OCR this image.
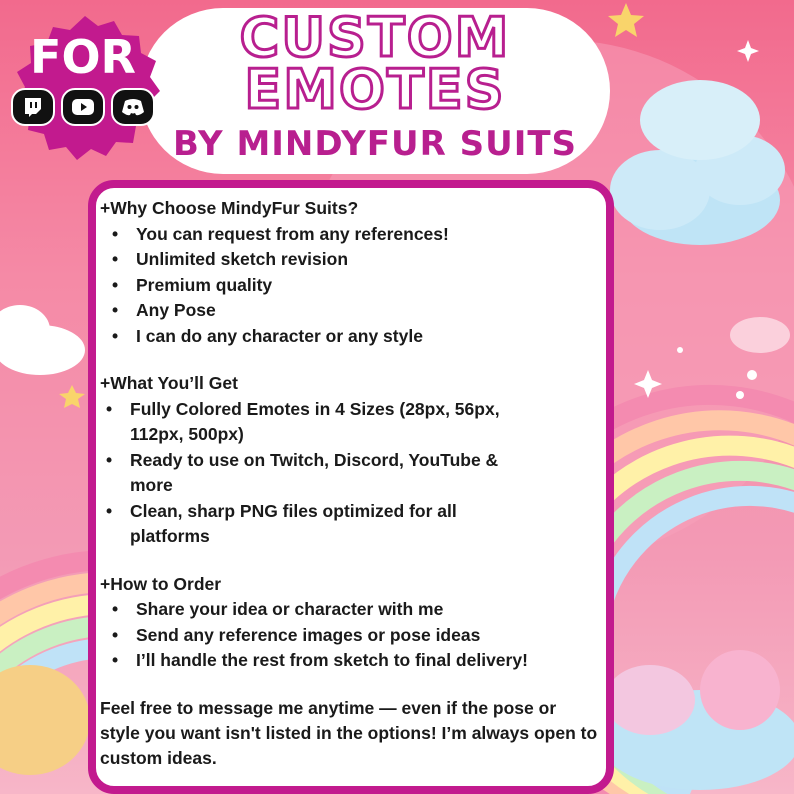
CUSTOM
EMOTES
BY MINDYFUR SUITS
FOR

+Why Choose MindyFur Suits?

• You can request from any references!
• Unlimited sketch revision
• Premium quality
• Any Pose
• I can do any character or any style

+What You’ll Get

• Fully Colored Emotes in 4 Sizes (28px, 56px, 112px, 500px)
• Ready to use on Twitch, Discord, YouTube & more
• Clean, sharp PNG files optimized for all platforms

+How to Order

• Share your idea or character with me
• Send any reference images or pose ideas
• I’ll handle the rest from sketch to final delivery!

Feel free to message me anytime — even if the pose or style you want isn't listed in the options! I’m always open to custom ideas.
